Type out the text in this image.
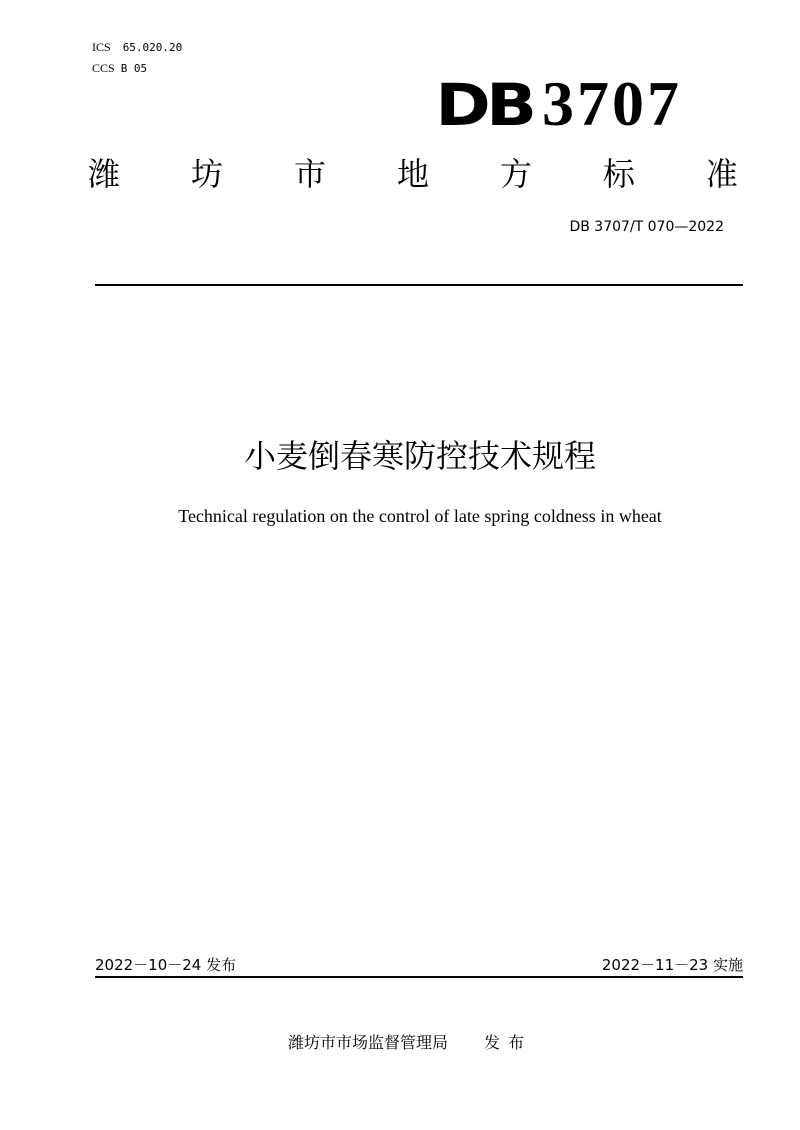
ICS 65.020.20
CCS B 05
DB 3707
潍 坊 市 地 方 标 准
DB 3707/T 070—2022
小麦倒春寒防控技术规程
Technical regulation on the control of late spring coldness in wheat
2022－10－24 发布	2022－11－23 实施
潍坊市市场监督管理局 发布
